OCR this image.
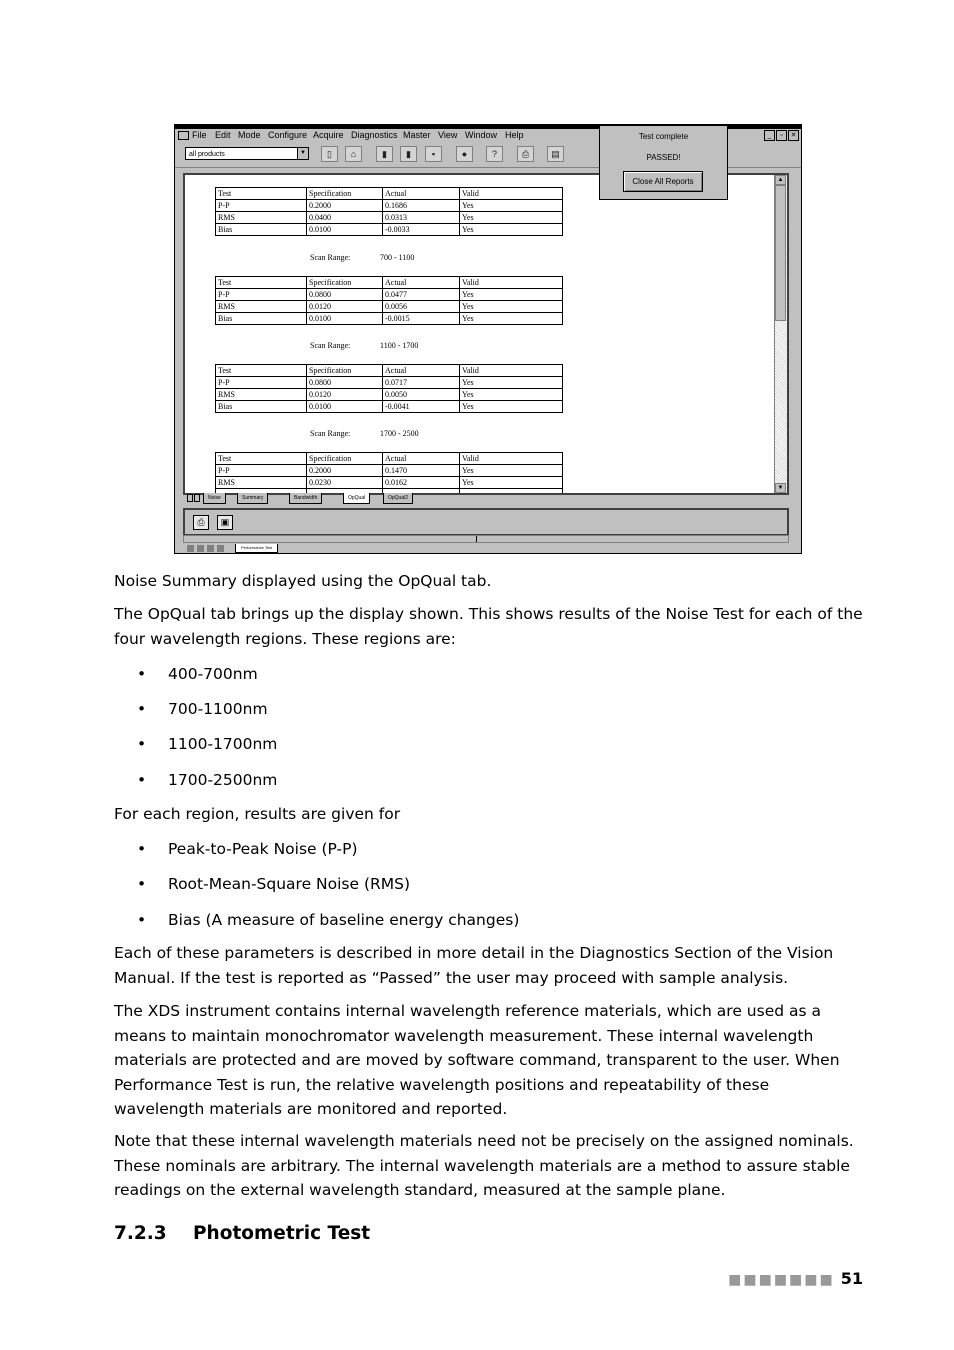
File Edit Mode Configure Acquire Diagnostics Master View Window Help	_	▫	✕
all products	▼	▯	⌂	▮	▮	▪	●	?	⎙	▤
Test	Specification	Actual	Valid
P-P	0.2000	0.1686	Yes
RMS	0.0400	0.0313	Yes
Bias	0.0100	-0.0033	Yes
Scan Range:	700 - 1100
Test	Specification	Actual	Valid
P-P	0.0800	0.0477	Yes
RMS	0.0120	0.0056	Yes
Bias	0.0100	-0.0015	Yes
Scan Range:	1100 - 1700
Test	Specification	Actual	Valid
P-P	0.0800	0.0717	Yes
RMS	0.0120	0.0050	Yes
Bias	0.0100	-0.0041	Yes
Scan Range:	1700 - 2500
Test	Specification	Actual	Valid
P-P	0.2000	0.1470	Yes
RMS	0.0230	0.0162	Yes

▲
▼
Noise	Summary	Bandwidth	OpQual	OpQual2
⎙	▣
Performance Test
Test complete
PASSED!
Close All Reports
Noise Summary displayed using the OpQual tab.
The OpQual tab brings up the display shown. This shows results of the Noise Test for each of the four wavelength regions. These regions are:
• 400-700nm
• 700-1100nm
• 1100-1700nm
• 1700-2500nm
For each region, results are given for
• Peak-to-Peak Noise (P-P)
• Root-Mean-Square Noise (RMS)
• Bias (A measure of baseline energy changes)
Each of these parameters is described in more detail in the Diagnostics Section of the Vision Manual. If the test is reported as “Passed” the user may proceed with sample analysis.
The XDS instrument contains internal wavelength reference materials, which are used as a means to maintain monochromator wavelength measurement. These internal wavelength materials are protected and are moved by software command, transparent to the user. When Performance Test is run, the relative wavelength positions and repeatability of these wavelength materials are monitored and reported.
Note that these internal wavelength materials need not be precisely on the assigned nominals. These nominals are arbitrary. The internal wavelength materials are a method to assure stable readings on the external wavelength standard, measured at the sample plane.
7.2.3 Photometric Test
■■■■■■■ 51
